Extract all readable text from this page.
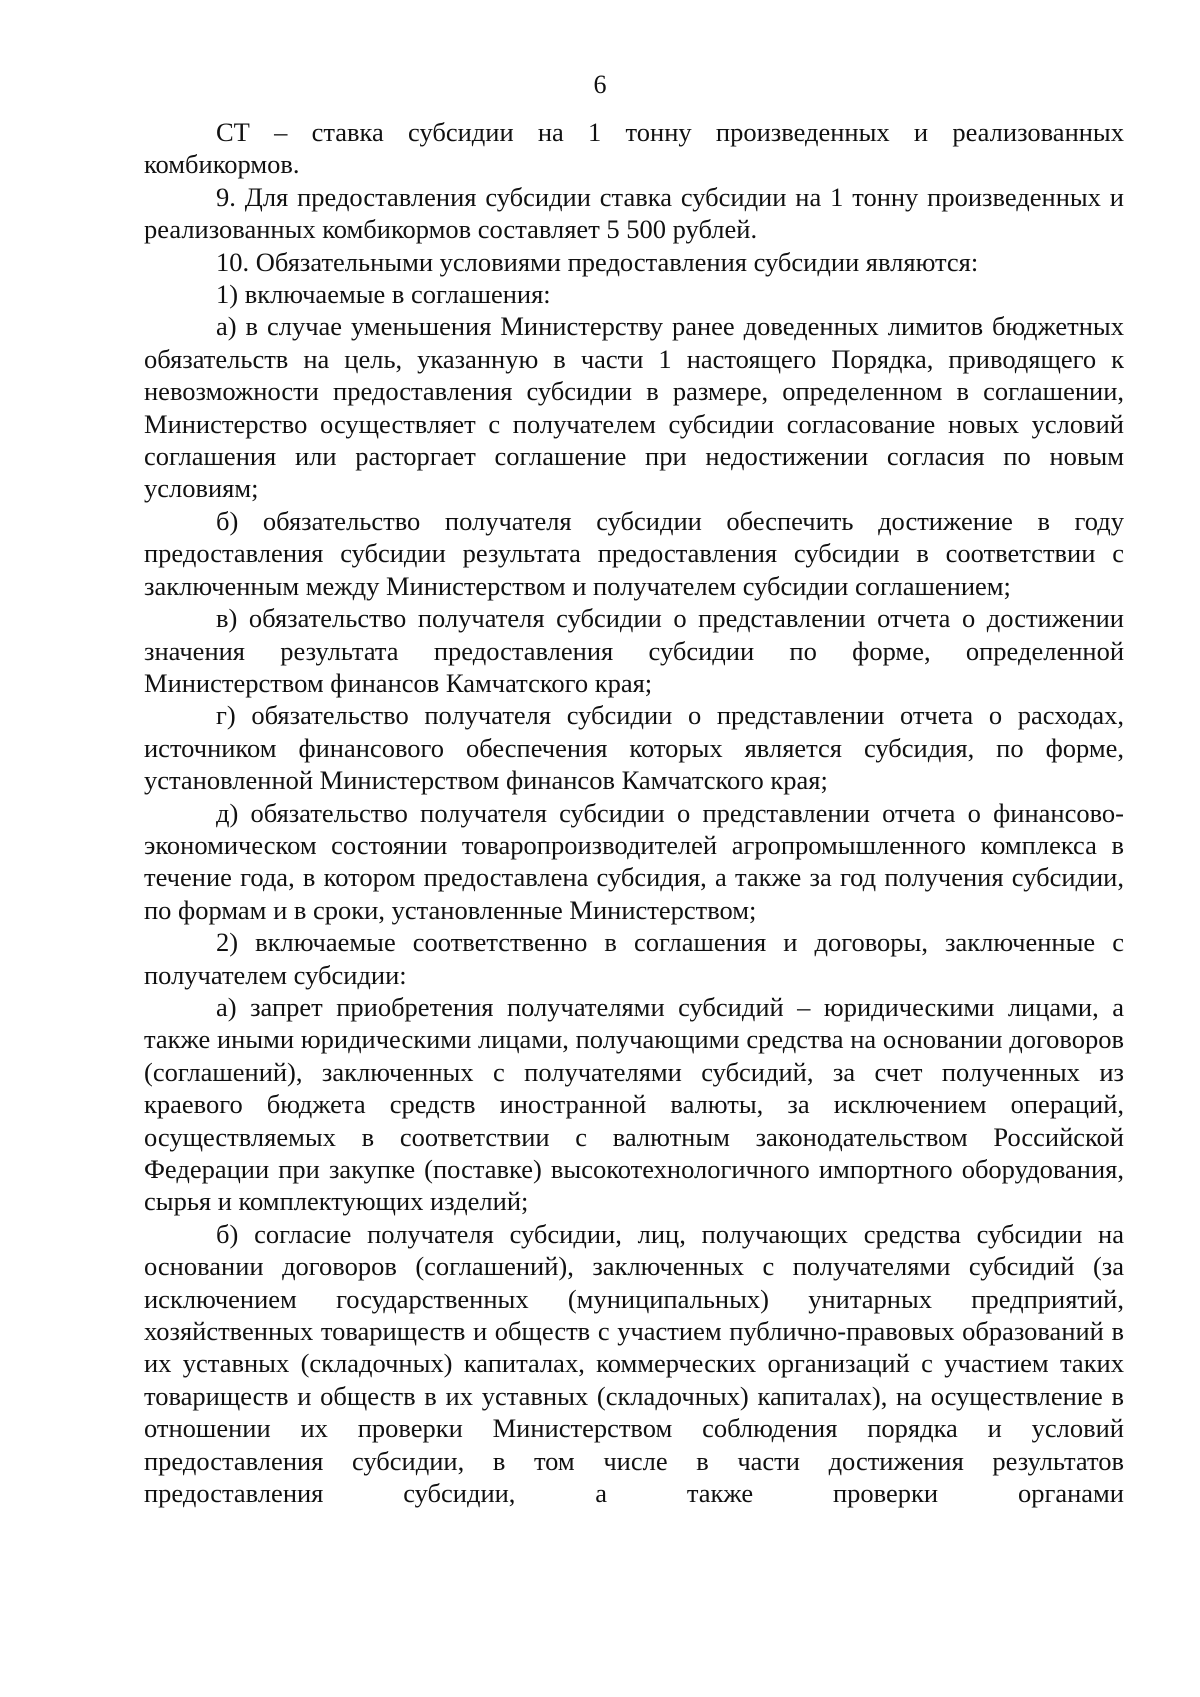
6

СТ – ставка субсидии на 1 тонну произведенных и реализованных комбикормов.

9. Для предоставления субсидии ставка субсидии на 1 тонну произведенных и реализованных комбикормов составляет 5 500 рублей.

10. Обязательными условиями предоставления субсидии являются:

1) включаемые в соглашения:

а) в случае уменьшения Министерству ранее доведенных лимитов бюджетных обязательств на цель, указанную в части 1 настоящего Порядка, приводящего к невозможности предоставления субсидии в размере, определенном в соглашении, Министерство осуществляет с получателем субсидии согласование новых условий соглашения или расторгает соглашение при недостижении согласия по новым условиям;

б) обязательство получателя субсидии обеспечить достижение в году предоставления субсидии результата предоставления субсидии в соответствии с заключенным между Министерством и получателем субсидии соглашением;

в) обязательство получателя субсидии о представлении отчета о достижении значения результата предоставления субсидии по форме, определенной Министерством финансов Камчатского края;

г) обязательство получателя субсидии о представлении отчета о расходах, источником финансового обеспечения которых является субсидия, по форме, установленной Министерством финансов Камчатского края;

д) обязательство получателя субсидии о представлении отчета о финансово-экономическом состоянии товаропроизводителей агропромышленного комплекса в течение года, в котором предоставлена субсидия, а также за год получения субсидии, по формам и в сроки, установленные Министерством;

2) включаемые соответственно в соглашения и договоры, заключенные с получателем субсидии:

а) запрет приобретения получателями субсидий – юридическими лицами, а также иными юридическими лицами, получающими средства на основании договоров (соглашений), заключенных с получателями субсидий, за счет полученных из краевого бюджета средств иностранной валюты, за исключением операций, осуществляемых в соответствии с валютным законодательством Российской Федерации при закупке (поставке) высокотехнологичного импортного оборудования, сырья и комплектующих изделий;

б) согласие получателя субсидии, лиц, получающих средства субсидии на основании договоров (соглашений), заключенных с получателями субсидий (за исключением государственных (муниципальных) унитарных предприятий, хозяйственных товариществ и обществ с участием публично-правовых образований в их уставных (складочных) капиталах, коммерческих организаций с участием таких товариществ и обществ в их уставных (складочных) капиталах), на осуществление в отношении их проверки Министерством соблюдения порядка и условий предоставления субсидии, в том числе в части достижения результатов предоставления субсидии, а также проверки органами
